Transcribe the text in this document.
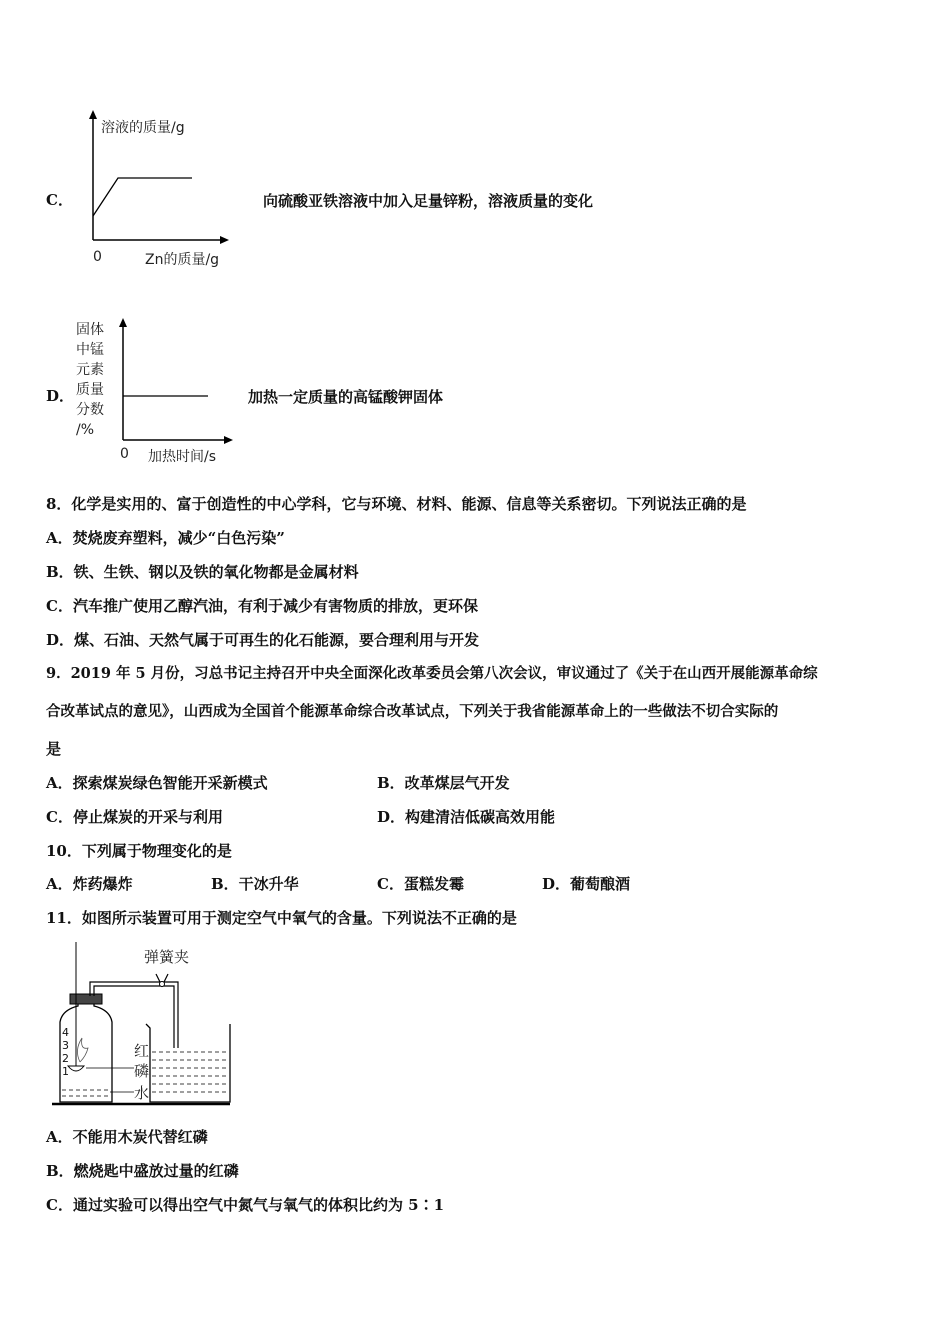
C．
溶液的质量/g
0	Zn的质量/g
向硫酸亚铁溶液中加入足量锌粉，溶液质量的变化
D．
固体
中锰
元素
质量
分数
/%
0 加热时间/s
加热一定质量的高锰酸钾固体
8．化学是实用的、富于创造性的中心学科，它与环境、材料、能源、信息等关系密切。下列说法正确的是
A．焚烧废弃塑料，减少“白色污染”
B．铁、生铁、钢以及铁的氧化物都是金属材料
C．汽车推广使用乙醇汽油，有利于减少有害物质的排放，更环保
D．煤、石油、天然气属于可再生的化石能源，要合理利用与开发
9．2019 年 5 月份，习总书记主持召开中央全面深化改革委员会第八次会议，审议通过了《关于在山西开展能源革命综
合改革试点的意见》，山西成为全国首个能源革命综合改革试点，下列关于我省能源革命上的一些做法不切合实际的
是
A．探索煤炭绿色智能开采新模式	B．改革煤层气开发
C．停止煤炭的开采与利用	D．构建清洁低碳高效用能
10．下列属于物理变化的是
A．炸药爆炸	B．干冰升华	C．蛋糕发霉	D．葡萄酿酒
11．如图所示装置可用于测定空气中氧气的含量。下列说法不正确的是
弹簧夹
红
磷
水
4
3
2
1
A．不能用木炭代替红磷
B．燃烧匙中盛放过量的红磷
C．通过实验可以得出空气中氮气与氧气的体积比约为 5∶1
